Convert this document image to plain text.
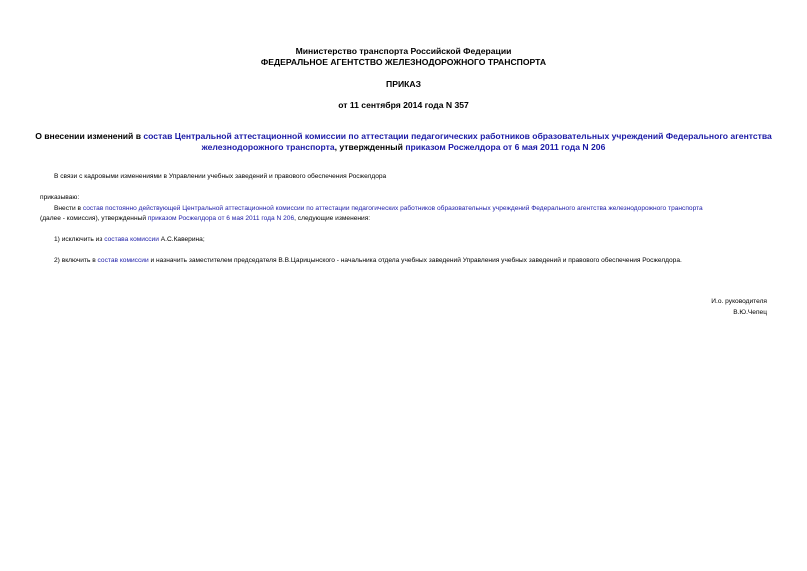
Министерство транспорта Российской Федерации
ФЕДЕРАЛЬНОЕ АГЕНТСТВО ЖЕЛЕЗНОДОРОЖНОГО ТРАНСПОРТА
ПРИКАЗ
от 11 сентября 2014 года N 357
О внесении изменений в состав Центральной аттестационной комиссии по аттестации педагогических работников образовательных учреждений Федерального агентства железнодорожного транспорта, утвержденный приказом Росжелдора от 6 мая 2011 года N 206
В связи с кадровыми изменениями в Управлении учебных заведений и правового обеспечения Росжелдора
приказываю:
Внести в состав постоянно действующей Центральной аттестационной комиссии по аттестации педагогических работников образовательных учреждений Федерального агентства железнодорожного транспорта
(далее - комиссия), утвержденный приказом Росжелдора от 6 мая 2011 года N 206, следующие изменения:
1) исключить из состава комиссии А.С.Каверина;
2) включить в состав комиссии и назначить заместителем председателя В.В.Царицынского - начальника отдела учебных заведений Управления учебных заведений и правового обеспечения Росжелдора.
И.о. руководителя
В.Ю.Чепец
